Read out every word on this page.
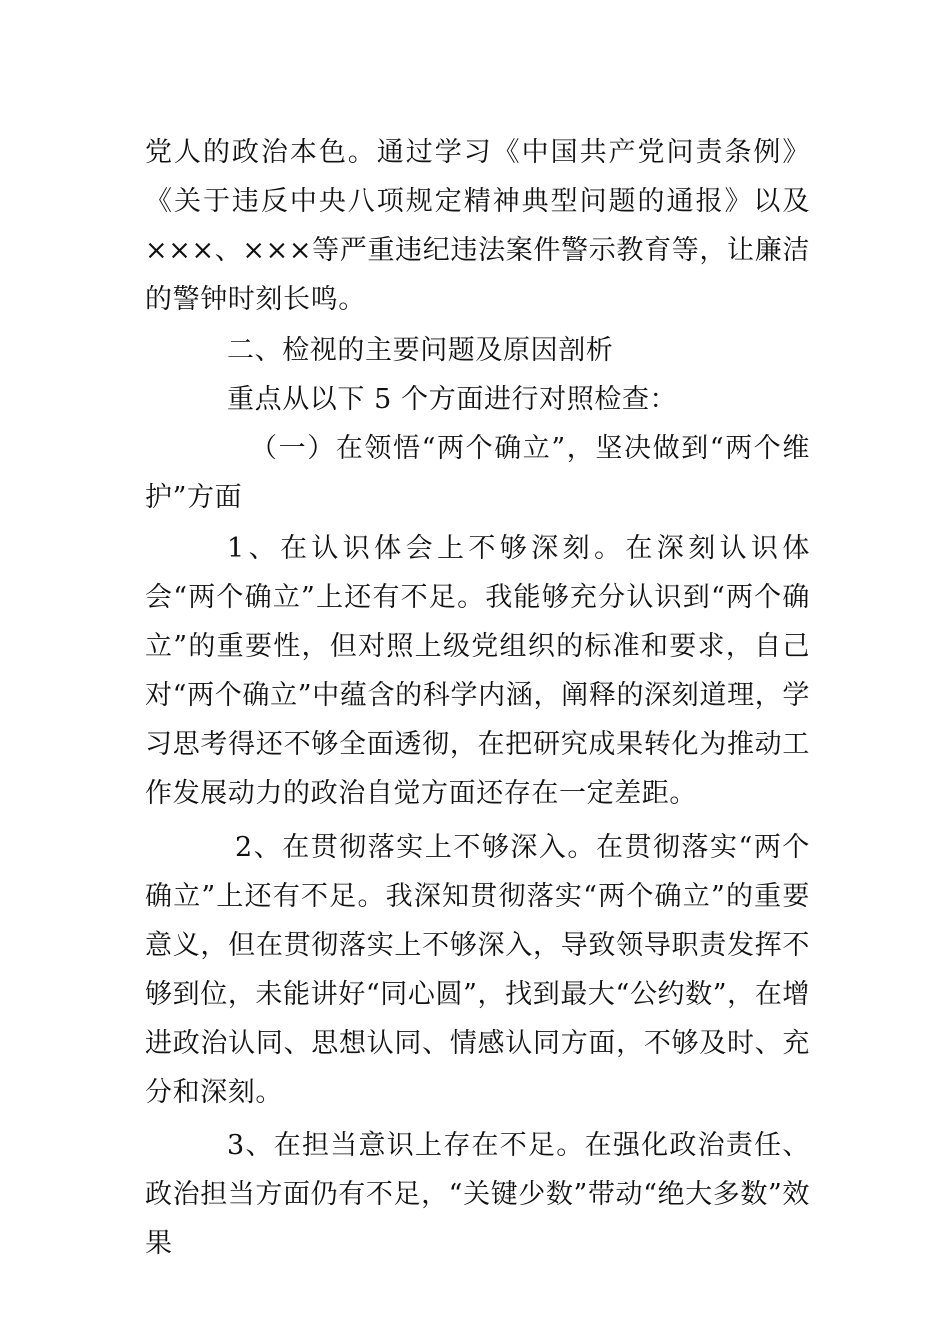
党人的政治本色。通过学习《中国共产党问责条例》《关于违反中央八项规定精神典型问题的通报》以及×××、×××等严重违纪违法案件警示教育等，让廉洁的警钟时刻长鸣。

二、检视的主要问题及原因剖析

重点从以下 5 个方面进行对照检查：

（一）在领悟“两个确立”，坚决做到“两个维护”方面

1、在认识体会上不够深刻。在深刻认识体会“两个确立”上还有不足。我能够充分认识到“两个确立”的重要性，但对照上级党组织的标准和要求，自己对“两个确立”中蕴含的科学内涵，阐释的深刻道理，学习思考得还不够全面透彻，在把研究成果转化为推动工作发展动力的政治自觉方面还存在一定差距。

2、在贯彻落实上不够深入。在贯彻落实“两个确立”上还有不足。我深知贯彻落实“两个确立”的重要意义，但在贯彻落实上不够深入，导致领导职责发挥不够到位，未能讲好“同心圆”，找到最大“公约数”，在增进政治认同、思想认同、情感认同方面，不够及时、充分和深刻。

3、在担当意识上存在不足。在强化政治责任、政治担当方面仍有不足，“关键少数”带动“绝大多数”效果
